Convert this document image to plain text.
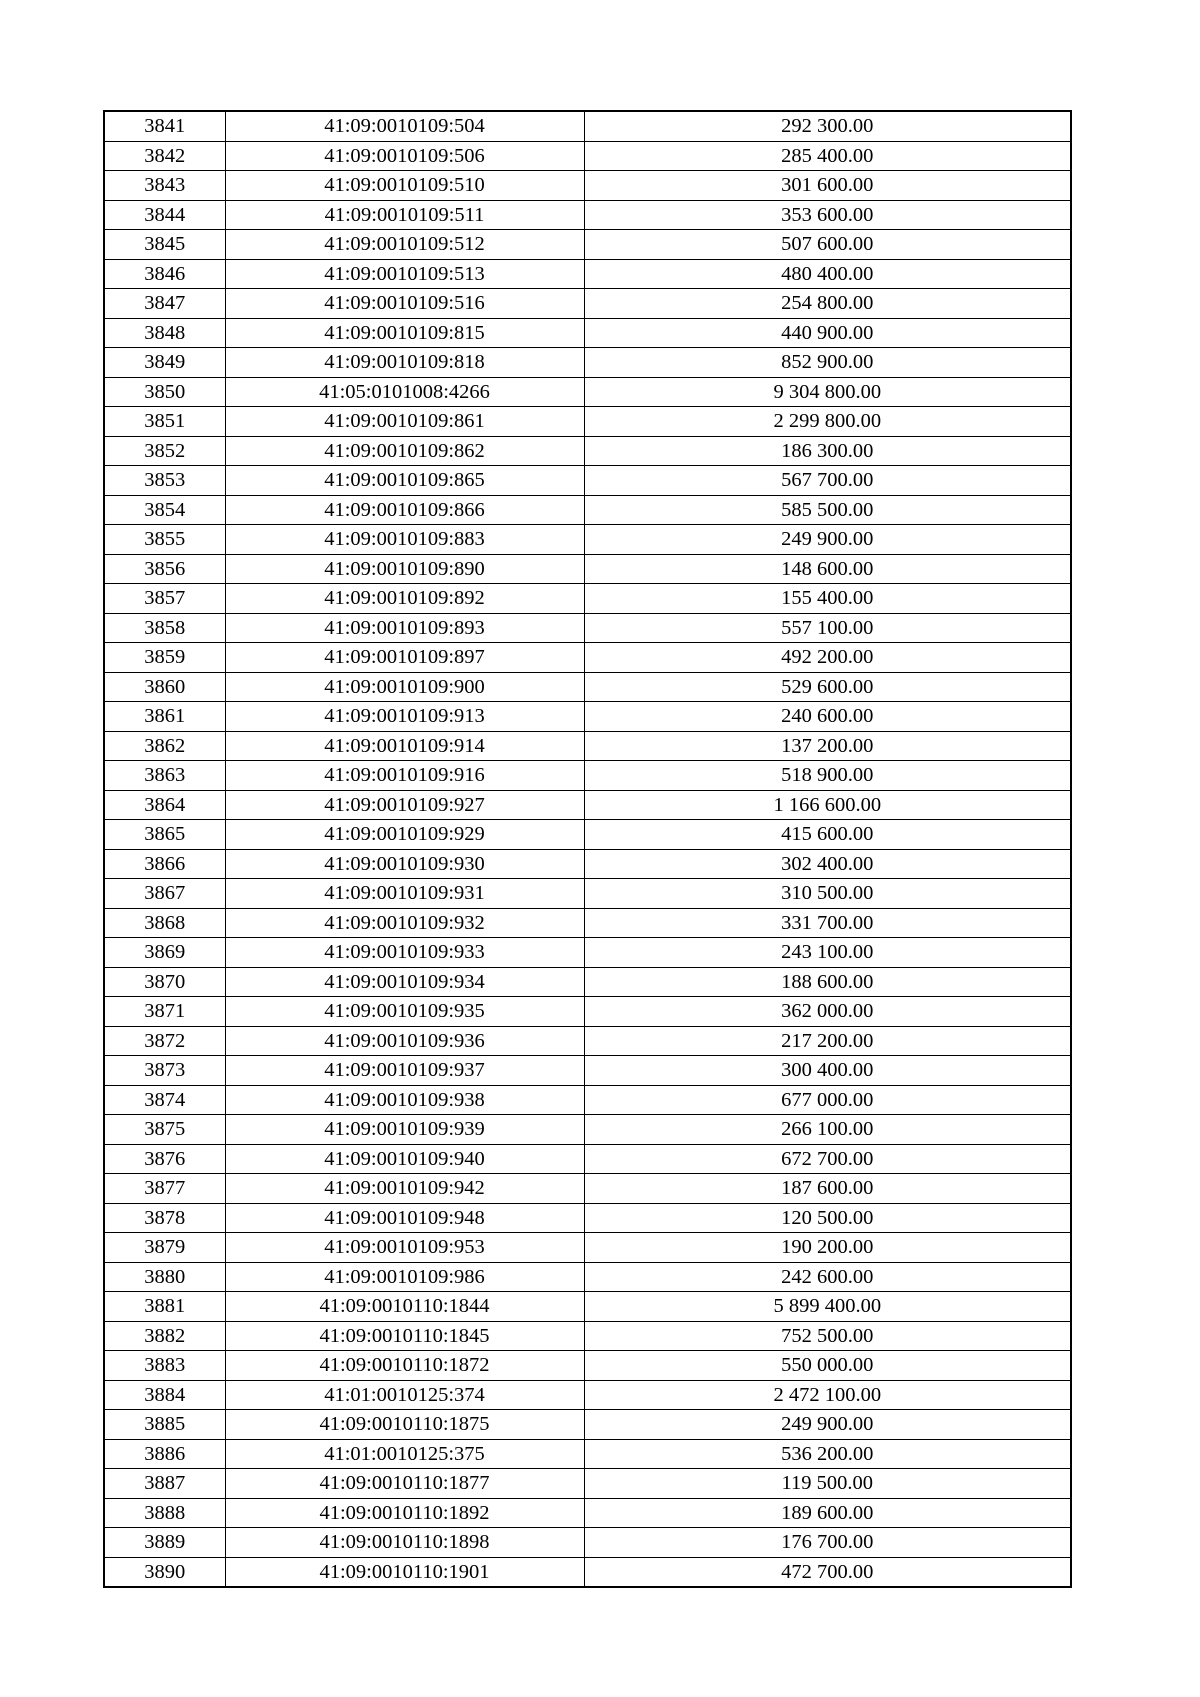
3841	41:09:0010109:504	292 300.00
3842	41:09:0010109:506	285 400.00
3843	41:09:0010109:510	301 600.00
3844	41:09:0010109:511	353 600.00
3845	41:09:0010109:512	507 600.00
3846	41:09:0010109:513	480 400.00
3847	41:09:0010109:516	254 800.00
3848	41:09:0010109:815	440 900.00
3849	41:09:0010109:818	852 900.00
3850	41:05:0101008:4266	9 304 800.00
3851	41:09:0010109:861	2 299 800.00
3852	41:09:0010109:862	186 300.00
3853	41:09:0010109:865	567 700.00
3854	41:09:0010109:866	585 500.00
3855	41:09:0010109:883	249 900.00
3856	41:09:0010109:890	148 600.00
3857	41:09:0010109:892	155 400.00
3858	41:09:0010109:893	557 100.00
3859	41:09:0010109:897	492 200.00
3860	41:09:0010109:900	529 600.00
3861	41:09:0010109:913	240 600.00
3862	41:09:0010109:914	137 200.00
3863	41:09:0010109:916	518 900.00
3864	41:09:0010109:927	1 166 600.00
3865	41:09:0010109:929	415 600.00
3866	41:09:0010109:930	302 400.00
3867	41:09:0010109:931	310 500.00
3868	41:09:0010109:932	331 700.00
3869	41:09:0010109:933	243 100.00
3870	41:09:0010109:934	188 600.00
3871	41:09:0010109:935	362 000.00
3872	41:09:0010109:936	217 200.00
3873	41:09:0010109:937	300 400.00
3874	41:09:0010109:938	677 000.00
3875	41:09:0010109:939	266 100.00
3876	41:09:0010109:940	672 700.00
3877	41:09:0010109:942	187 600.00
3878	41:09:0010109:948	120 500.00
3879	41:09:0010109:953	190 200.00
3880	41:09:0010109:986	242 600.00
3881	41:09:0010110:1844	5 899 400.00
3882	41:09:0010110:1845	752 500.00
3883	41:09:0010110:1872	550 000.00
3884	41:01:0010125:374	2 472 100.00
3885	41:09:0010110:1875	249 900.00
3886	41:01:0010125:375	536 200.00
3887	41:09:0010110:1877	119 500.00
3888	41:09:0010110:1892	189 600.00
3889	41:09:0010110:1898	176 700.00
3890	41:09:0010110:1901	472 700.00
